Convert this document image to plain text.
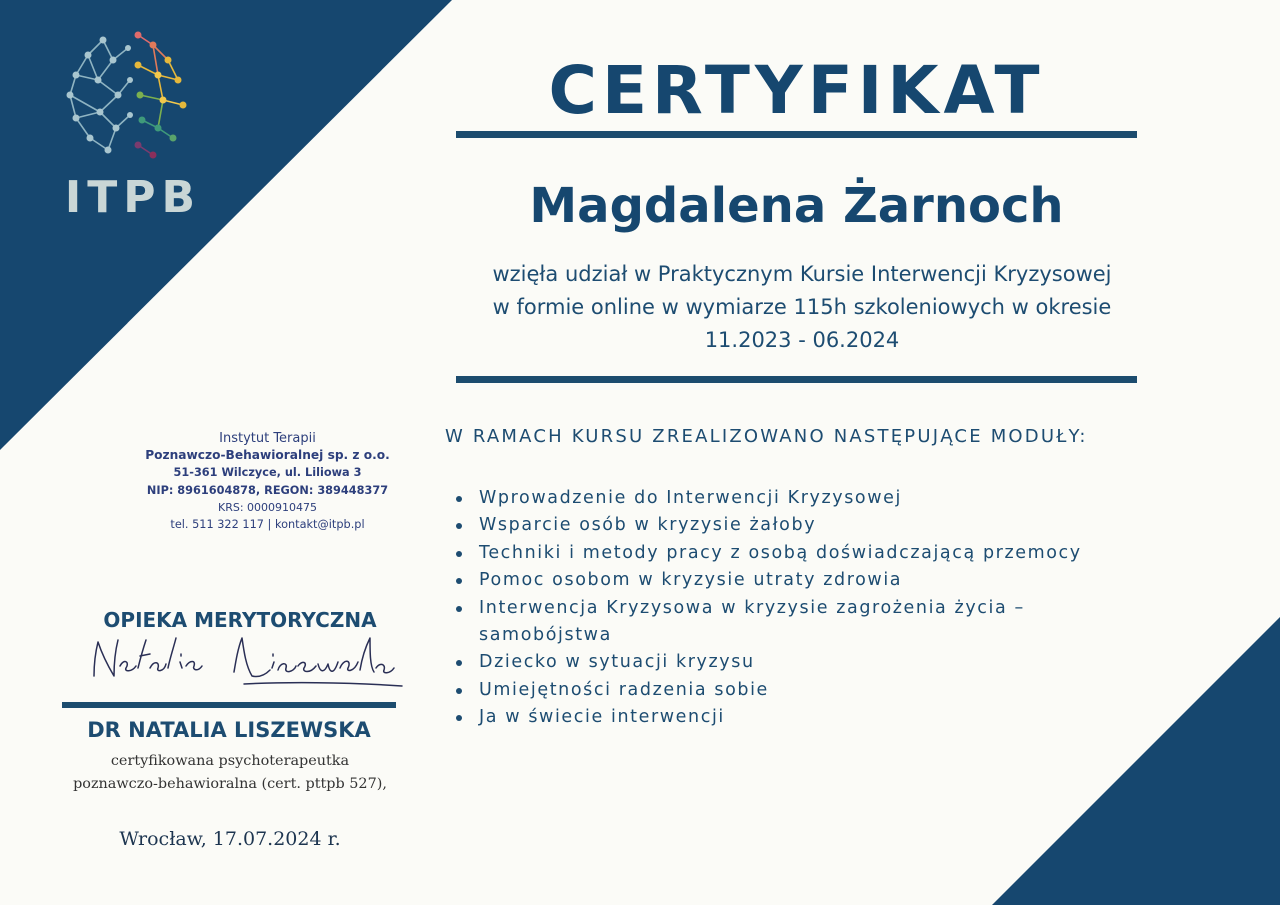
ITPB
CERTYFIKAT
Magdalena Żarnoch
wzięła udział w Praktycznym Kursie Interwencji Kryzysowej
w formie online w wymiarze 115h szkoleniowych w okresie
11.2023 - 06.2024
W RAMACH KURSU ZREALIZOWANO NASTĘPUJĄCE MODUŁY:
Wprowadzenie do Interwencji Kryzysowej
Wsparcie osób w kryzysie żałoby
Techniki i metody pracy z osobą doświadczającą przemocy
Pomoc osobom w kryzysie utraty zdrowia
Interwencja Kryzysowa w kryzysie zagrożenia życia – samobójstwa
Dziecko w sytuacji kryzysu
Umiejętności radzenia sobie
Ja w świecie interwencji
Instytut Terapii
Poznawczo-Behawioralnej sp. z o.o.
51-361 Wilczyce, ul. Liliowa 3
NIP: 8961604878, REGON: 389448377
KRS: 0000910475
tel. 511 322 117 | kontakt@itpb.pl
OPIEKA MERYTORYCZNA
DR NATALIA LISZEWSKA
certyfikowana psychoterapeutka
poznawczo-behawioralna (cert. pttpb 527),
Wrocław, 17.07.2024 r.
